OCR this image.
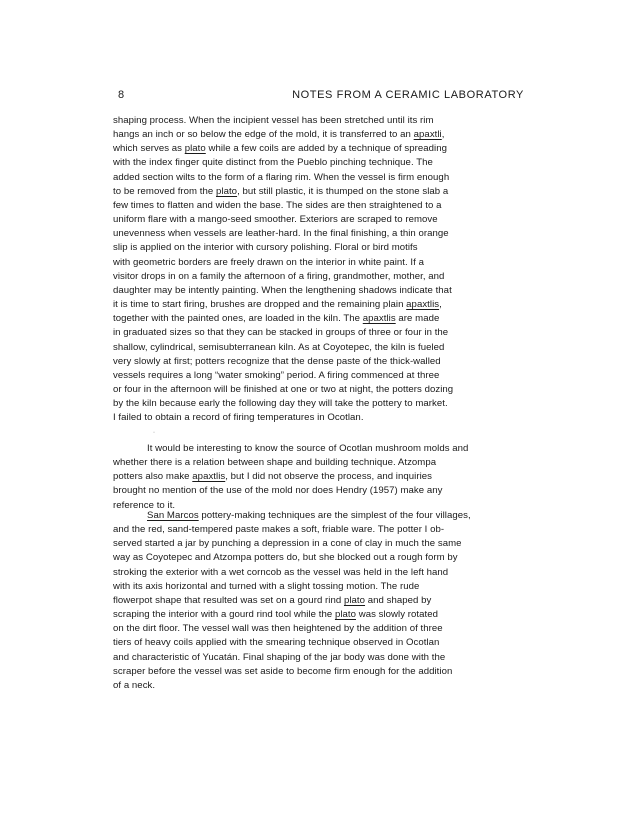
8	NOTES FROM A CERAMIC LABORATORY
shaping process. When the incipient vessel has been stretched until its rim
hangs an inch or so below the edge of the mold, it is transferred to an apaxtli,
which serves as plato while a few coils are added by a technique of spreading
with the index finger quite distinct from the Pueblo pinching technique. The
added section wilts to the form of a flaring rim. When the vessel is firm enough
to be removed from the plato, but still plastic, it is thumped on the stone slab a
few times to flatten and widen the base. The sides are then straightened to a
uniform flare with a mango-seed smoother. Exteriors are scraped to remove
unevenness when vessels are leather-hard. In the final finishing, a thin orange
slip is applied on the interior with cursory polishing. Floral or bird motifs
with geometric borders are freely drawn on the interior in white paint. If a
visitor drops in on a family the afternoon of a firing, grandmother, mother, and
daughter may be intently painting. When the lengthening shadows indicate that
it is time to start firing, brushes are dropped and the remaining plain apaxtlis,
together with the painted ones, are loaded in the kiln. The apaxtlis are made
in graduated sizes so that they can be stacked in groups of three or four in the
shallow, cylindrical, semisubterranean kiln. As at Coyotepec, the kiln is fueled
very slowly at first; potters recognize that the dense paste of the thick-walled
vessels requires a long “water smoking” period. A firing commenced at three
or four in the afternoon will be finished at one or two at night, the potters dozing
by the kiln because early the following day they will take the pottery to market.
I failed to obtain a record of firing temperatures in Ocotlan.
·
It would be interesting to know the source of Ocotlan mushroom molds and
whether there is a relation between shape and building technique. Atzompa
potters also make apaxtlis, but I did not observe the process, and inquiries
brought no mention of the use of the mold nor does Hendry (1957) make any
reference to it.
San Marcos pottery-making techniques are the simplest of the four villages,
and the red, sand-tempered paste makes a soft, friable ware. The potter I ob-
served started a jar by punching a depression in a cone of clay in much the same
way as Coyotepec and Atzompa potters do, but she blocked out a rough form by
stroking the exterior with a wet corncob as the vessel was held in the left hand
with its axis horizontal and turned with a slight tossing motion. The rude
flowerpot shape that resulted was set on a gourd rind plato and shaped by
scraping the interior with a gourd rind tool while the plato was slowly rotated
on the dirt floor. The vessel wall was then heightened by the addition of three
tiers of heavy coils applied with the smearing technique observed in Ocotlan
and characteristic of Yucatán. Final shaping of the jar body was done with the
scraper before the vessel was set aside to become firm enough for the addition
of a neck.
